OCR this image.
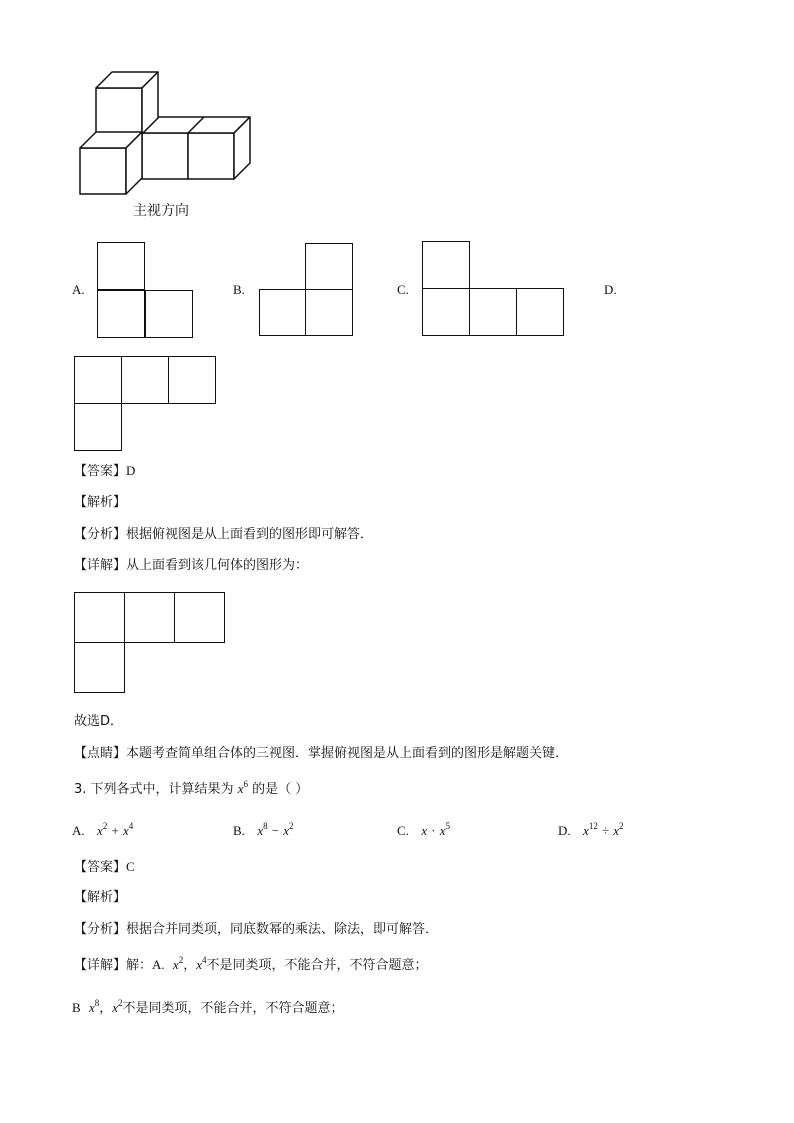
主视方向
A.	B.	C.	D.
【答案】D
【解析】
【分析】根据俯视图是从上面看到的图形即可解答．
【详解】从上面看到该几何体的图形为：
故选D．
【点睛】本题考查简单组合体的三视图．掌握俯视图是从上面看到的图形是解题关键．
3. 下列各式中，计算结果为 $x^6$ 的是（ ）
A. $x^2 + x^4$	B. $x^8 - x^2$	C. $x \cdot x^5$	D. $x^{12} \div x^2$
【答案】C
【解析】
【分析】根据合并同类项，同底数幂的乘法、除法，即可解答．
【详解】解：A. $x^2$，$x^4$不是同类项，不能合并，不符合题意；
B $x^8$，$x^2$不是同类项，不能合并，不符合题意；
